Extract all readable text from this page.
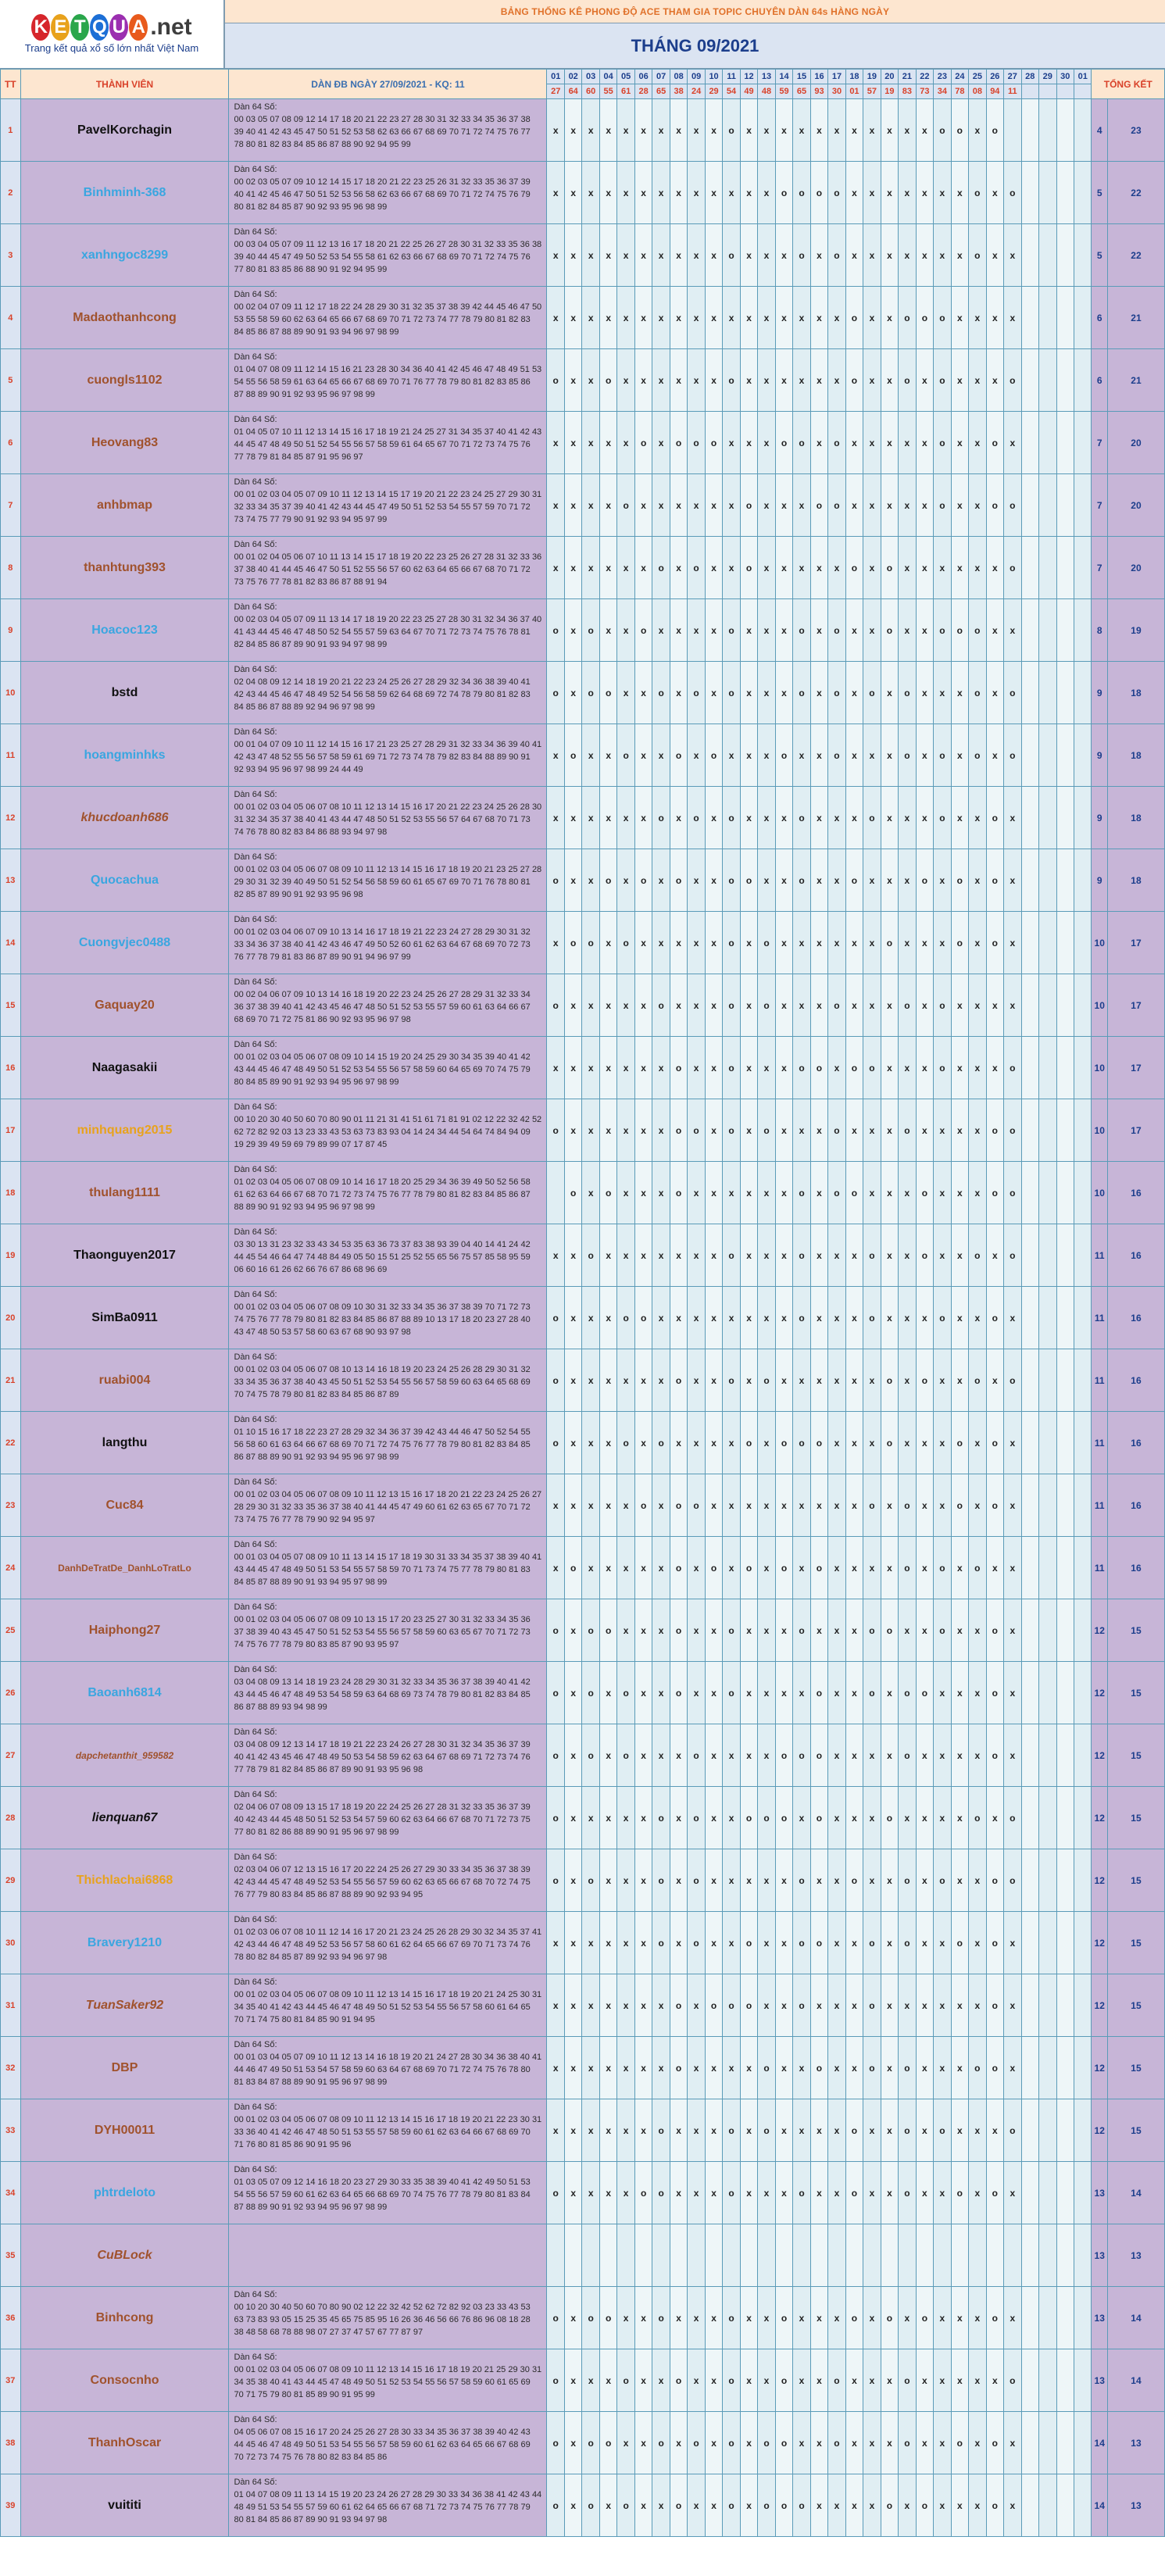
K E T Q U A .net
Trang kết quả xổ số lớn nhất Việt Nam
BẢNG THỐNG KÊ PHONG ĐỘ ACE THAM GIA TOPIC CHUYÊN DÀN 64s HÀNG NGÀY
THÁNG 09/2021
TT	THÀNH VIÊN	DÀN ĐB NGÀY 27/09/2021 - KQ: 11	01	02	03	04	05	06	07	08	09	10	11	12	13	14	15	16	17	18	19	20	21	22	23	24	25	26	27	28	29	30	01	TỔNG KẾT	
			27	64	60	55	61	28	65	38	24	29	54	49	48	59	65	93	30	01	57	19	83	73	34	78	08	94	11						
1	PavelKorchagin	Dàn 64 Số:
00 03 05 07 08 09 12 14 17 18 20 21 22 23 27 28 30 31 32 33 34 35 36 37 38 39 40 41 42 43 45 47 50 51 52 53 58 62 63 66 67 68 69 70 71 72 74 75 76 77 78 80 81 82 83 84 85 86 87 88 90 92 94 95 99	x	x	x	x	x	x	x	x	x	x	o	x	x	x	x	x	x	x	x	x	x	x	o	o	x	o						4	23
2	Binhminh-368	Dàn 64 Số:
00 02 03 05 07 09 10 12 14 15 17 18 20 21 22 23 25 26 31 32 33 35 36 37 39 40 41 42 45 46 47 50 51 52 53 56 58 62 63 66 67 68 69 70 71 72 74 75 76 79 80 81 82 84 85 87 90 92 93 95 96 98 99	x	x	x	x	x	x	x	x	x	x	x	x	x	o	o	o	o	x	x	x	x	x	x	x	o	x	o					5	22
3	xanhngoc8299	Dàn 64 Số:
00 03 04 05 07 09 11 12 13 16 17 18 20 21 22 25 26 27 28 30 31 32 33 35 36 38 39 40 44 45 47 49 50 52 53 54 55 58 61 62 63 66 67 68 69 70 71 72 74 75 76 77 80 81 83 85 86 88 90 91 92 94 95 99	x	x	x	x	x	x	x	x	x	x	o	x	x	x	o	x	o	x	x	x	x	x	x	x	o	x	x					5	22
4	Madaothanhcong	Dàn 64 Số:
00 02 04 07 09 11 12 17 18 22 24 28 29 30 31 32 35 37 38 39 42 44 45 46 47 50 53 55 58 59 60 62 63 64 65 66 67 68 69 70 71 72 73 74 77 78 79 80 81 82 83 84 85 86 87 88 89 90 91 93 94 96 97 98 99	x	x	x	x	x	x	x	x	x	x	x	x	x	x	x	x	x	o	x	x	o	o	o	x	x	x	x					6	21
5	cuongls1102	Dàn 64 Số:
01 04 07 08 09 11 12 14 15 16 21 23 28 30 34 36 40 41 42 45 46 47 48 49 51 53 54 55 56 58 59 61 63 64 65 66 67 68 69 70 71 76 77 78 79 80 81 82 83 85 86 87 88 89 90 91 92 93 95 96 97 98 99	o	x	x	o	x	x	x	x	x	x	o	x	x	x	x	x	x	o	x	x	o	x	o	x	x	x	o					6	21
6	Heovang83	Dàn 64 Số:
01 04 05 07 10 11 12 13 14 15 16 17 18 19 21 24 25 27 31 34 35 37 40 41 42 43 44 45 47 48 49 50 51 52 54 55 56 57 58 59 61 64 65 67 70 71 72 73 74 75 76 77 78 79 81 84 85 87 91 95 96 97	x	x	x	x	x	o	x	o	o	o	x	x	x	o	o	x	o	x	x	x	x	x	o	x	x	o	x					7	20
7	anhbmap	Dàn 64 Số:
00 01 02 03 04 05 07 09 10 11 12 13 14 15 17 19 20 21 22 23 24 25 27 29 30 31 32 33 34 35 37 39 40 41 42 43 44 45 47 49 50 51 52 53 54 55 57 59 70 71 72 73 74 75 77 79 90 91 92 93 94 95 97 99	x	x	x	x	o	x	x	x	x	x	x	o	x	x	x	o	o	x	x	x	x	x	o	x	x	o	o					7	20
8	thanhtung393	Dàn 64 Số:
00 01 02 04 05 06 07 10 11 13 14 15 17 18 19 20 22 23 25 26 27 28 31 32 33 36 37 38 40 41 44 45 46 47 50 51 52 55 56 57 60 62 63 64 65 66 67 68 70 71 72 73 75 76 77 78 81 82 83 86 87 88 91 94	x	x	x	x	x	x	o	x	o	x	x	o	x	x	x	x	x	o	x	o	x	x	x	x	x	x	o					7	20
9	Hoacoc123	Dàn 64 Số:
00 02 03 04 05 07 09 11 13 14 17 18 19 20 22 23 25 27 28 30 31 32 34 36 37 40 41 43 44 45 46 47 48 50 52 54 55 57 59 63 64 67 70 71 72 73 74 75 76 78 81 82 84 85 86 87 89 90 91 93 94 97 98 99	o	x	o	x	x	o	x	x	x	x	o	x	x	x	o	x	o	x	x	o	x	x	o	o	o	x	x					8	19
10	bstd	Dàn 64 Số:
02 04 08 09 12 14 18 19 20 21 22 23 24 25 26 27 28 29 32 34 36 38 39 40 41 42 43 44 45 46 47 48 49 52 54 56 58 59 62 64 68 69 72 74 78 79 80 81 82 83 84 85 86 87 88 89 92 94 96 97 98 99	o	x	o	o	x	x	o	x	o	x	o	x	x	x	o	x	o	x	o	x	o	x	x	x	o	x	o					9	18
11	hoangminhks	Dàn 64 Số:
00 01 04 07 09 10 11 12 14 15 16 17 21 23 25 27 28 29 31 32 33 34 36 39 40 41 42 43 47 48 52 55 56 57 58 59 61 69 71 72 73 74 78 79 82 83 84 88 89 90 91 92 93 94 95 96 97 98 99 24 44 49	x	o	x	x	o	x	x	o	x	o	x	x	x	o	x	x	o	x	x	x	o	x	o	x	o	x	o					9	18
12	khucdoanh686	Dàn 64 Số:
00 01 02 03 04 05 06 07 08 10 11 12 13 14 15 16 17 20 21 22 23 24 25 26 28 30 31 32 34 35 37 38 40 41 43 44 47 48 50 51 52 53 55 56 57 64 67 68 70 71 73 74 76 78 80 82 83 84 86 88 93 94 97 98	x	x	x	x	x	x	o	x	o	x	o	x	x	x	o	x	x	x	o	x	x	x	o	x	x	o	x					9	18
13	Quocachua	Dàn 64 Số:
00 01 02 03 04 05 06 07 08 09 10 11 12 13 14 15 16 17 18 19 20 21 23 25 27 28 29 30 31 32 39 40 49 50 51 52 54 56 58 59 60 61 65 67 69 70 71 76 78 80 81 82 85 87 89 90 91 92 93 95 96 98	o	x	x	o	x	o	x	o	x	x	o	o	x	x	o	x	x	o	x	x	x	o	x	o	x	o	x					9	18
14	Cuongvjec0488	Dàn 64 Số:
00 01 02 03 04 06 07 09 10 13 14 16 17 18 19 21 22 23 24 27 28 29 30 31 32 33 34 36 37 38 40 41 42 43 46 47 49 50 52 60 61 62 63 64 67 68 69 70 72 73 76 77 78 79 81 83 86 87 89 90 91 94 96 97 99	x	o	o	x	o	x	x	x	x	x	o	x	o	x	x	x	x	x	x	o	x	x	x	o	x	o	x					10	17
15	Gaquay20	Dàn 64 Số:
00 02 04 06 07 09 10 13 14 16 18 19 20 22 23 24 25 26 27 28 29 31 32 33 34 36 37 38 39 40 41 42 43 45 46 47 48 50 51 52 53 55 57 59 60 61 63 64 66 67 68 69 70 71 72 75 81 86 90 92 93 95 96 97 98	o	x	x	x	x	x	o	x	x	x	o	x	o	x	x	x	o	x	x	x	o	x	o	x	x	x	x					10	17
16	Naagasakii	Dàn 64 Số:
00 01 02 03 04 05 06 07 08 09 10 14 15 19 20 24 25 29 30 34 35 39 40 41 42 43 44 45 46 47 48 49 50 51 52 53 54 55 56 57 58 59 60 64 65 69 70 74 75 79 80 84 85 89 90 91 92 93 94 95 96 97 98 99	x	x	x	x	x	x	x	o	x	x	o	x	x	x	o	o	x	o	o	x	x	x	o	x	x	x	o					10	17
17	minhquang2015	Dàn 64 Số:
00 10 20 30 40 50 60 70 80 90 01 11 21 31 41 51 61 71 81 91 02 12 22 32 42 52 62 72 82 92 03 13 23 33 43 53 63 73 83 93 04 14 24 34 44 54 64 74 84 94 09 19 29 39 49 59 69 79 89 99 07 17 87 45	o	x	x	x	x	x	x	o	o	x	o	x	o	x	x	x	o	x	x	x	o	x	x	x	x	o	o					10	17
18	thulang1111	Dàn 64 Số:
01 02 03 04 05 06 07 08 09 10 14 16 17 18 20 25 29 34 36 39 49 50 52 56 58 61 62 63 64 66 67 68 70 71 72 73 74 75 76 77 78 79 80 81 82 83 84 85 86 87 88 89 90 91 92 93 94 95 96 97 98 99		o	x	o	x	x	x	o	x	x	x	x	x	x	o	x	o	o	x	x	x	o	x	x	x	o	o					10	16
19	Thaonguyen2017	Dàn 64 Số:
03 30 13 31 23 32 33 43 34 53 35 63 36 73 37 83 38 93 39 04 40 14 41 24 42 44 45 54 46 64 47 74 48 84 49 05 50 15 51 25 52 55 65 56 75 57 85 58 95 59 06 60 16 61 26 62 66 76 67 86 68 96 69	x	x	o	x	x	x	x	x	x	x	o	x	x	x	o	x	x	x	o	x	x	o	x	x	o	x	o					11	16
20	SimBa0911	Dàn 64 Số:
00 01 02 03 04 05 06 07 08 09 10 30 31 32 33 34 35 36 37 38 39 70 71 72 73 74 75 76 77 78 79 80 81 82 83 84 85 86 87 88 89 10 13 17 18 20 23 27 28 40 43 47 48 50 53 57 58 60 63 67 68 90 93 97 98	o	x	x	x	o	o	x	x	x	x	x	x	x	x	o	x	x	x	o	x	x	x	o	x	x	o	x					11	16
21	ruabi004	Dàn 64 Số:
00 01 02 03 04 05 06 07 08 10 13 14 16 18 19 20 23 24 25 26 28 29 30 31 32 33 34 35 36 37 38 40 43 45 50 51 52 53 54 55 56 57 58 59 60 63 64 65 68 69 70 74 75 78 79 80 81 82 83 84 85 86 87 89	o	x	x	x	x	x	x	o	x	x	o	x	o	x	x	x	x	x	x	o	x	o	x	x	o	x	o					11	16
22	langthu	Dàn 64 Số:
01 10 15 16 17 18 22 23 27 28 29 32 34 36 37 39 42 43 44 46 47 50 52 54 55 56 58 60 61 63 64 66 67 68 69 70 71 72 74 75 76 77 78 79 80 81 82 83 84 85 86 87 88 89 90 91 92 93 94 95 96 97 98 99	o	x	x	x	o	x	o	x	x	x	x	o	x	o	o	o	x	x	x	o	x	x	x	o	x	o	x					11	16
23	Cuc84	Dàn 64 Số:
00 01 02 03 04 05 06 07 08 09 10 11 12 13 15 16 17 18 20 21 22 23 24 25 26 27 28 29 30 31 32 33 35 36 37 38 40 41 44 45 47 49 60 61 62 63 65 67 70 71 72 73 74 75 76 77 78 79 90 92 94 95 97	x	x	x	x	x	o	x	o	o	x	x	x	x	x	x	x	x	x	o	x	o	x	x	o	x	o	x					11	16
24	DanhDeTratDe_DanhLoTratLo	Dàn 64 Số:
00 01 03 04 05 07 08 09 10 11 13 14 15 17 18 19 30 31 33 34 35 37 38 39 40 41 43 44 45 47 48 49 50 51 53 54 55 57 58 59 70 71 73 74 75 77 78 79 80 81 83 84 85 87 88 89 90 91 93 94 95 97 98 99	x	o	x	x	x	x	x	o	x	o	x	o	x	o	x	o	x	x	x	x	o	x	o	x	o	x	x					11	16
25	Haiphong27	Dàn 64 Số:
00 01 02 03 04 05 06 07 08 09 10 13 15 17 20 23 25 27 30 31 32 33 34 35 36 37 38 39 40 43 45 47 50 51 52 53 54 55 56 57 58 59 60 63 65 67 70 71 72 73 74 75 76 77 78 79 80 83 85 87 90 93 95 97	o	x	o	o	x	x	x	o	x	x	o	x	x	x	o	x	x	x	o	o	x	x	o	x	x	o	x					12	15
26	Baoanh6814	Dàn 64 Số:
03 04 08 09 13 14 18 19 23 24 28 29 30 31 32 33 34 35 36 37 38 39 40 41 42 43 44 45 46 47 48 49 53 54 58 59 63 64 68 69 73 74 78 79 80 81 82 83 84 85 86 87 88 89 93 94 98 99	o	x	o	x	o	x	x	o	x	x	o	x	x	x	x	o	x	x	o	x	o	o	x	x	x	o	x					12	15
27	dapchetanthit_959582	Dàn 64 Số:
03 04 08 09 12 13 14 17 18 19 21 22 23 24 26 27 28 30 31 32 34 35 36 37 39 40 41 42 43 45 46 47 48 49 50 53 54 58 59 62 63 64 67 68 69 71 72 73 74 76 77 78 79 81 82 84 85 86 87 89 90 91 93 95 96 98	o	x	o	x	o	x	x	x	o	x	x	x	x	o	o	o	x	x	x	x	o	x	x	x	x	o	x					12	15
28	lienquan67	Dàn 64 Số:
02 04 06 07 08 09 13 15 17 18 19 20 22 24 25 26 27 28 31 32 33 35 36 37 39 40 42 43 44 45 48 50 51 52 53 54 57 59 60 62 63 64 66 67 68 70 71 72 73 75 77 80 81 82 86 88 89 90 91 95 96 97 98 99	o	x	x	x	x	x	o	x	o	x	x	o	o	o	x	o	x	x	x	o	x	x	x	x	o	x	o					12	15
29	Thichlachai6868	Dàn 64 Số:
02 03 04 06 07 12 13 15 16 17 20 22 24 25 26 27 29 30 33 34 35 36 37 38 39 42 43 44 45 47 48 49 52 53 54 55 56 57 59 60 62 63 65 66 67 68 70 72 74 75 76 77 79 80 83 84 85 86 87 88 89 90 92 93 94 95	o	x	o	x	x	x	o	x	o	x	x	x	x	x	o	x	x	o	x	x	o	x	o	x	x	o	o					12	15
30	Bravery1210	Dàn 64 Số:
01 02 03 06 07 08 10 11 12 14 16 17 20 21 23 24 25 26 28 29 30 32 34 35 37 41 42 43 44 46 47 48 49 52 53 56 57 58 60 61 62 64 65 66 67 69 70 71 73 74 76 78 80 82 84 85 87 89 92 93 94 96 97 98	x	x	x	x	x	x	o	x	o	x	x	o	x	x	o	o	x	x	o	x	o	x	x	o	x	o	x					12	15
31	TuanSaker92	Dàn 64 Số:
00 01 02 03 04 05 06 07 08 09 10 11 12 13 14 15 16 17 18 19 20 21 24 25 30 31 34 35 40 41 42 43 44 45 46 47 48 49 50 51 52 53 54 55 56 57 58 60 61 64 65 70 71 74 75 80 81 84 85 90 91 94 95	x	x	x	x	x	x	x	o	x	o	o	o	x	x	o	x	x	x	o	x	x	x	x	x	x	o	x					12	15
32	DBP	Dàn 64 Số:
00 01 03 04 05 07 09 10 11 12 13 14 16 18 19 20 21 24 27 28 30 34 36 38 40 41 44 46 47 49 50 51 53 54 57 58 59 60 63 64 67 68 69 70 71 72 74 75 76 78 80 81 83 84 87 88 89 90 91 95 96 97 98 99	x	x	x	x	x	x	x	o	x	x	x	x	o	x	x	o	x	x	o	x	o	x	x	x	o	o	x					12	15
33	DYH00011	Dàn 64 Số:
00 01 02 03 04 05 06 07 08 09 10 11 12 13 14 15 16 17 18 19 20 21 22 23 30 31 33 36 40 41 42 46 47 48 50 51 53 55 57 58 59 60 61 62 63 64 66 67 68 69 70 71 76 80 81 85 86 90 91 95 96	x	x	x	x	x	x	o	x	x	x	o	x	o	x	x	x	x	o	x	x	o	x	o	x	x	x	o					12	15
34	phtrdeloto	Dàn 64 Số:
01 03 05 07 09 12 14 16 18 20 23 27 29 30 33 35 38 39 40 41 42 49 50 51 53 54 55 56 57 59 60 61 62 63 64 65 66 68 69 70 74 75 76 77 78 79 80 81 83 84 87 88 89 90 91 92 93 94 95 96 97 98 99	o	x	x	x	x	o	o	x	x	x	o	x	x	x	o	x	x	o	x	x	o	x	x	o	x	o	x					13	14
35	CuBLock																																	13	13
36	Binhcong	Dàn 64 Số:
00 10 20 30 40 50 60 70 80 90 02 12 22 32 42 52 62 72 82 92 03 23 33 43 53 63 73 83 93 05 15 25 35 45 65 75 85 95 16 26 36 46 56 66 76 86 96 08 18 28 38 48 58 68 78 88 98 07 27 37 47 57 67 77 87 97	o	x	o	o	x	x	o	x	x	x	o	x	x	o	x	x	x	o	x	o	x	o	x	x	x	o	x					13	14
37	Consocnho	Dàn 64 Số:
00 01 02 03 04 05 06 07 08 09 10 11 12 13 14 15 16 17 18 19 20 21 25 29 30 31 34 35 38 40 41 43 44 45 47 48 49 50 51 52 53 54 55 56 57 58 59 60 61 65 69 70 71 75 79 80 81 85 89 90 91 95 99	o	x	x	x	o	x	x	o	x	x	o	x	x	o	x	x	o	x	x	x	o	x	x	x	x	x	o					13	14
38	ThanhOscar	Dàn 64 Số:
04 05 06 07 08 15 16 17 20 24 25 26 27 28 30 33 34 35 36 37 38 39 40 42 43 44 45 46 47 48 49 50 51 53 54 55 56 57 58 59 60 61 62 63 64 65 66 67 68 69 70 72 73 74 75 76 78 80 82 83 84 85 86	o	x	o	o	x	x	o	x	o	x	o	x	o	o	x	x	o	x	x	x	o	x	x	o	x	o	x					14	13
39	vuititi	Dàn 64 Số:
01 04 07 08 09 11 13 14 15 19 20 23 24 26 27 28 29 30 33 34 36 38 41 42 43 44 48 49 51 53 54 55 57 59 60 61 62 64 65 66 67 68 71 72 73 74 75 76 77 78 79 80 81 84 85 86 87 89 90 91 93 94 97 98	o	x	o	x	o	x	x	o	x	x	o	x	o	o	o	x	x	x	x	o	x	o	x	x	x	o	x					14	13
